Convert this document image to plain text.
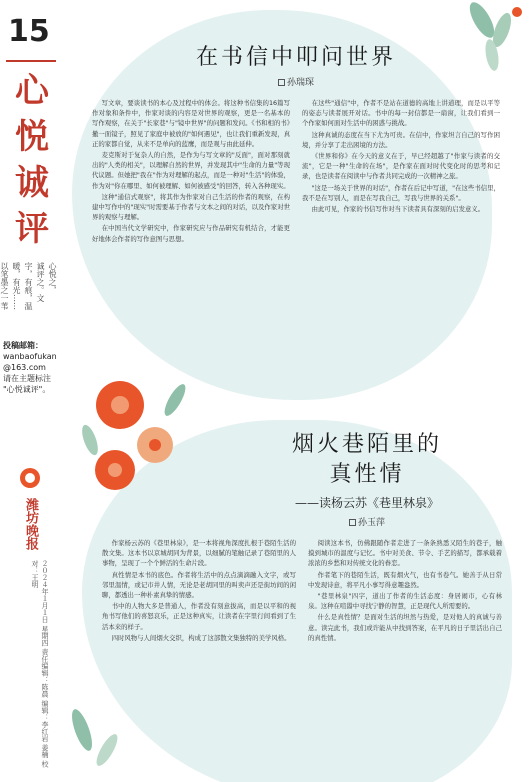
15
心
悦
诚
评
心悦之，
诚评之。文
字，有痕，温
暖，有光……
以笔墨之一苇
投稿邮箱：
wanbaofukan
@163.com
请在主题标注
"心悦诚评"。
潍坊晚报
２０２４年１月１日 星期四 责任编辑：陈晨 编辑：李红岩 姜楠 校对：王明
在书信中叩问世界
孙瑞琛

写文章，要谈读书的本心及过程中的体会。将这种书信集的16篇写作对象和条件中，作家对谈的内容是对世界的观察，更是一名基本的写作观察，在关于"长家巷"与"镜中世界"的问题和发问。《书和相的书》撤一面镜子，照见了家庭中被放的"如何遇见"，也让我们重新发现，真正的家都自觉，从来不是单向的蓝鹰，而是观与由此延伸。

麦克斯对于复杂人的自然，是作为与写文章的"反面"，面对那刻就出的"人类的相关"，以理解自然的世界，并发现其中"生命的力量"等现代议题。但她把"我在"作为对理解的起点，而是一种对"生活"的体验，作为对"你在哪里、如何被理解、如何被感受"的回答，转入各种现实。

这种"通信式观察"，将其作为作家对自己生活的作者的观察，在构建中写作中的"现实"时需要基于作者与文本之间的对话，以及作家对世界的观察与理解。

在中国当代文学研究中，作家研究应与作品研究有机结合，才能更好地体会作者的写作意图与思想。

在这些"通信"中，作者不是站在道德的高地上讲道理，而是以平等的姿态与读者展开对话。书中的每一封信都是一扇窗，让我们看到一个作家如何面对生活中的困惑与挑战。

这种真诚的态度在当下尤为可贵。在信中，作家坦言自己的写作困境，并分享了走出困境的方法。

《世界和你》在今天的意义在于，早已经超越了"作家与读者的交流"，它是一种"生命的在场"，是作家在面对时代变化时的思考和记录，也是读者在阅读中与作者共同完成的一次精神之旅。

"这是一场关于世界的对话"，作者在后记中写道，"在这些书信里，我不是在写别人，而是在写我自己，写我与世界的关系"。

由此可见，作家的书信写作对当下读者具有深刻的启发意义。

烟火巷陌里的
真性情
——读杨云苏《巷里林泉》
孙玉萍

作家杨云苏的《巷里林泉》，是一本将视角深度扎根于巷陌生活的散文集。这本书以京城胡同为背景，以细腻的笔触记录了巷陌里的人事物，呈现了一个个鲜活的生命片段。

真性情是本书的底色。作者将生活中的点点滴滴融入文字，或写邻里温情，或记市井人情，无论是老胡同里的叫卖声还是街坊间的闲聊，都透出一种朴素真挚的情感。

书中的人物大多是普通人，作者没有刻意拔高，而是以平和的视角书写他们的喜怒哀乐，正是这种真实，让读者在字里行间看到了生活本来的样子。

四时风物与人间烟火交织，构成了这部散文集独特的美学风格。

阅读这本书，仿佛跟随作者走进了一条条熟悉又陌生的巷子，触摸到城市的温度与记忆。书中对美食、节令、手艺的描写，都承载着浓浓的乡愁和对传统文化的眷恋。

作者笔下的巷陌生活，既有烟火气，也有书卷气。她善于从日常中发现诗意，将平凡小事写得意趣盎然。

"巷里林泉"四字，道出了作者的生活态度：身居闹市，心有林泉。这种在喧嚣中寻找宁静的智慧，正是现代人所需要的。

什么是真性情？是面对生活的坦然与热爱，是对他人的真诚与善意。读完此书，我们或许能从中找到答案，在平凡的日子里活出自己的真性情。
